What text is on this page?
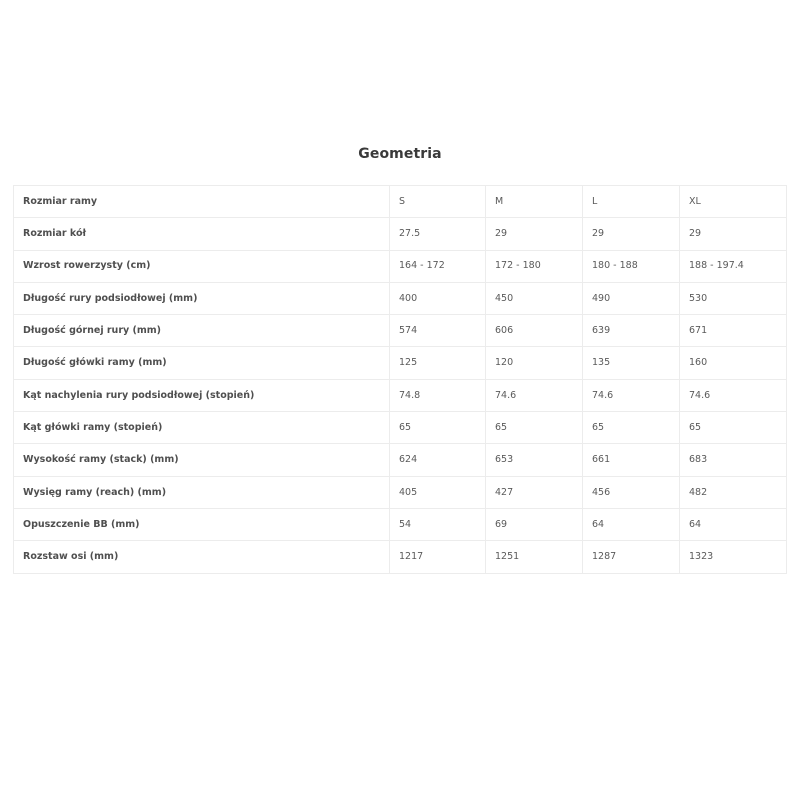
Geometria
Rozmiar ramy	S	M	L	XL
Rozmiar kół	27.5	29	29	29
Wzrost rowerzysty (cm)	164 - 172	172 - 180	180 - 188	188 - 197.4
Długość rury podsiodłowej (mm)	400	450	490	530
Długość górnej rury (mm)	574	606	639	671
Długość główki ramy (mm)	125	120	135	160
Kąt nachylenia rury podsiodłowej (stopień)	74.8	74.6	74.6	74.6
Kąt główki ramy (stopień)	65	65	65	65
Wysokość ramy (stack) (mm)	624	653	661	683
Wysięg ramy (reach) (mm)	405	427	456	482
Opuszczenie BB (mm)	54	69	64	64
Rozstaw osi (mm)	1217	1251	1287	1323
